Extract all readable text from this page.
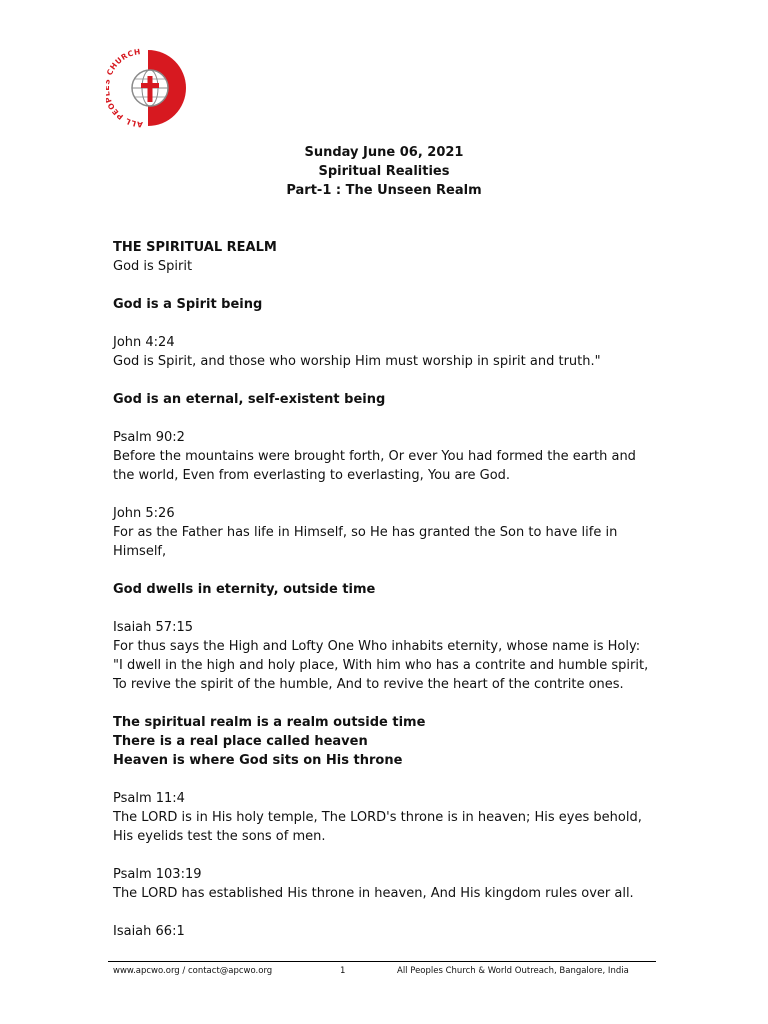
ALL PEO HURCH
Sunday June 06, 2021
Spiritual Realities
Part-1 : The Unseen Realm

THE SPIRITUAL REALM
God is Spirit

God is a Spirit being

John 4:24
God is Spirit, and those who worship Him must worship in spirit and truth."

God is an eternal, self-existent being

Psalm 90:2
Before the mountains were brought forth, Or ever You had formed the earth and the world, Even from everlasting to everlasting, You are God.

John 5:26
For as the Father has life in Himself, so He has granted the Son to have life in Himself,

God dwells in eternity, outside time

Isaiah 57:15
For thus says the High and Lofty One Who inhabits eternity, whose name is Holy: "I dwell in the high and holy place, With him who has a contrite and humble spirit, To revive the spirit of the humble, And to revive the heart of the contrite ones.

The spiritual realm is a realm outside time
There is a real place called heaven
Heaven is where God sits on His throne

Psalm 11:4
The LORD is in His holy temple, The LORD's throne is in heaven; His eyes behold, His eyelids test the sons of men.

Psalm 103:19
The LORD has established His throne in heaven, And His kingdom rules over all.

Isaiah 66:1

www.apcwo.org / contact@apcwo.org	1	All Peoples Church & World Outreach, Bangalore, India
